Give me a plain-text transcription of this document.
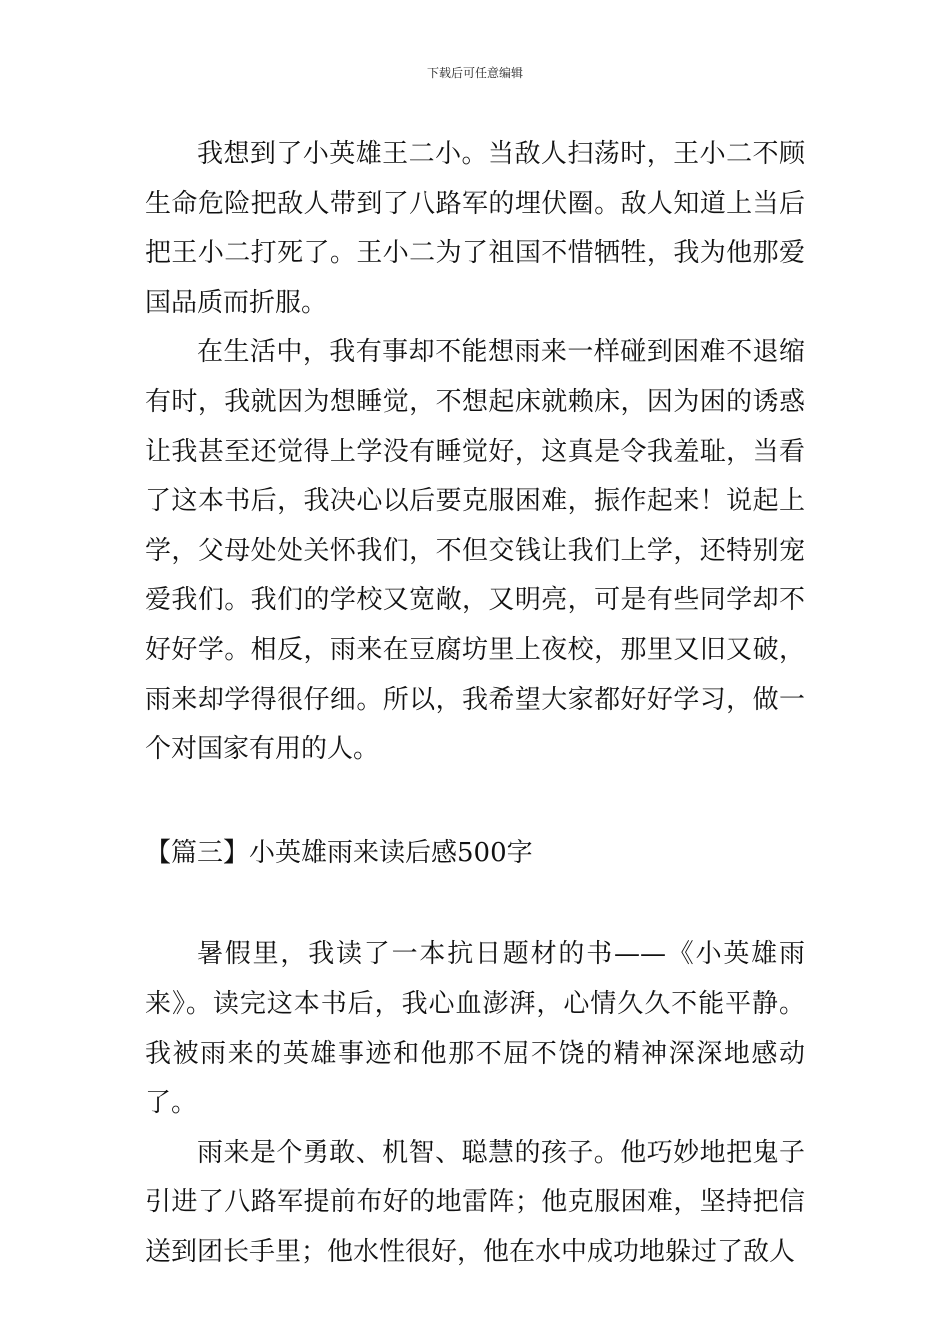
下载后可任意编辑

我想到了小英雄王二小。当敌人扫荡时，王小二不顾生命危险把敌人带到了八路军的埋伏圈。敌人知道上当后把王小二打死了。王小二为了祖国不惜牺牲，我为他那爱国品质而折服。

在生活中，我有事却不能想雨来一样碰到困难不退缩有时，我就因为想睡觉，不想起床就赖床，因为困的诱惑让我甚至还觉得上学没有睡觉好，这真是令我羞耻，当看了这本书后，我决心以后要克服困难，振作起来！说起上学，父母处处关怀我们，不但交钱让我们上学，还特别宠爱我们。我们的学校又宽敞，又明亮，可是有些同学却不好好学。相反，雨来在豆腐坊里上夜校，那里又旧又破，雨来却学得很仔细。所以，我希望大家都好好学习，做一个对国家有用的人。

【篇三】小英雄雨来读后感500字

暑假里，我读了一本抗日题材的书——《小英雄雨来》。读完这本书后，我心血澎湃，心情久久不能平静。我被雨来的英雄事迹和他那不屈不饶的精神深深地感动了。

雨来是个勇敢、机智、聪慧的孩子。他巧妙地把鬼子引进了八路军提前布好的地雷阵；他克服困难，坚持把信送到团长手里；他水性很好，他在水中成功地躲过了敌人
